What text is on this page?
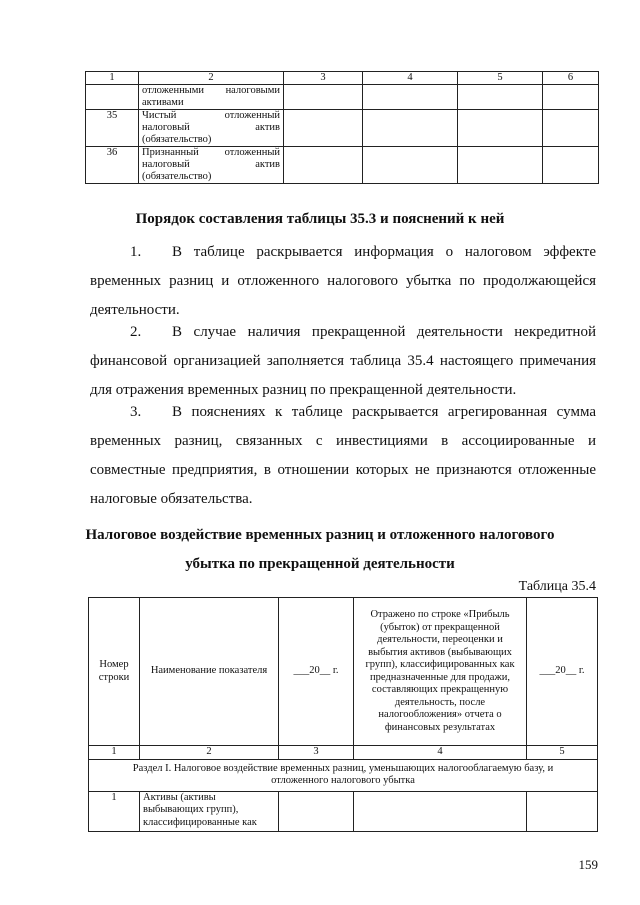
1	2	3	4	5	6

	отложенными налоговыми
активами				

35	Чистый отложенный
налоговый актив
(обязательство)				

36	Признанный отложенный
налоговый актив
(обязательство)				

Порядок составления таблицы 35.3 и пояснений к ней
1. В таблице раскрывается информация о налоговом эффекте временных разниц и отложенного налогового убытка по продолжающейся деятельности.
2. В случае наличия прекращенной деятельности некредитной финансовой организацией заполняется таблица 35.4 настоящего примечания для отражения временных разниц по прекращенной деятельности.
3. В пояснениях к таблице раскрывается агрегированная сумма временных разниц, связанных с инвестициями в ассоциированные и совместные предприятия, в отношении которых не признаются отложенные налоговые обязательства.
Налоговое воздействие временных разниц и отложенного налогового
убытка по прекращенной деятельности
Таблица 35.4
Номер строки	Наименование показателя	___20__ г.	Отражено по строке «Прибыль (убыток) от прекращенной деятельности, переоценки и выбытия активов (выбывающих групп), классифицированных как предназначенные для продажи, составляющих прекращенную деятельность, после налогообложения» отчета о финансовых результатах	___20__ г.
1	2	3	4	5
Раздел I. Налоговое воздействие временных разниц, уменьшающих налогооблагаемую базу, и отложенного налогового убытка				
1	Активы (активы выбывающих групп), классифицированные как			
159
